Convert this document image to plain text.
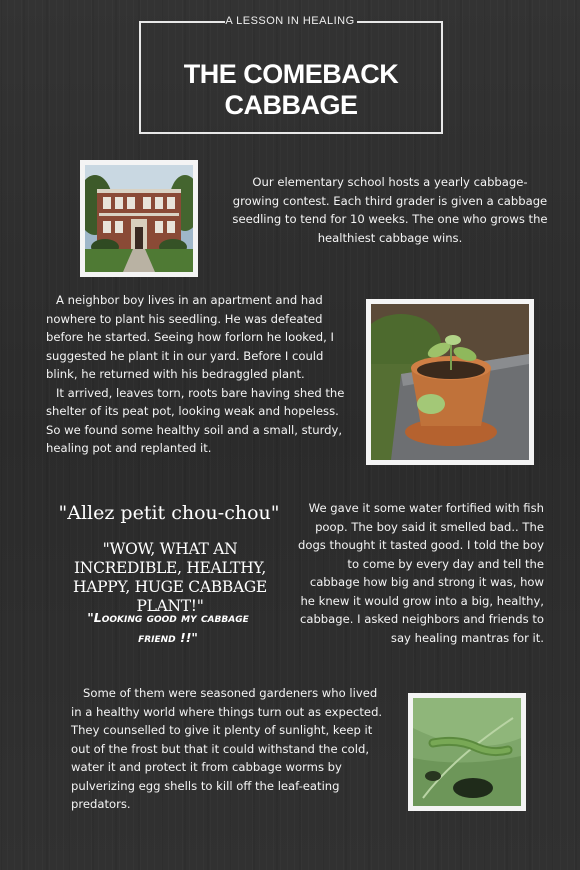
A LESSON IN HEALING
THE COMEBACK CABBAGE

Our elementary school hosts a yearly cabbage-growing contest. Each third grader is given a cabbage seedling to tend for 10 weeks. The one who grows the healthiest cabbage wins.

A neighbor boy lives in an apartment and had nowhere to plant his seedling. He was defeated before he started. Seeing how forlorn he looked, I suggested he plant it in our yard. Before I could blink, he returned with his bedraggled plant.

It arrived, leaves torn, roots bare having shed the shelter of its peat pot, looking weak and hopeless. So we found some healthy soil and a small, sturdy, healing pot and replanted it.

"Allez petit chou-chou"
"WOW, WHAT AN INCREDIBLE, HEALTHY, HAPPY, HUGE CABBAGE PLANT!"
"Looking good my cabbage friend !!"

We gave it some water fortified with fish poop. The boy said it smelled bad.. The dogs thought it tasted good. I told the boy to come by every day and tell the cabbage how big and strong it was, how he knew it would grow into a big, healthy, cabbage. I asked neighbors and friends to say healing mantras for it.

Some of them were seasoned gardeners who lived in a healthy world where things turn out as expected. They counselled to give it plenty of sunlight, keep it out of the frost but that it could withstand the cold, water it and protect it from cabbage worms by pulverizing egg shells to kill off the leaf-eating predators.
